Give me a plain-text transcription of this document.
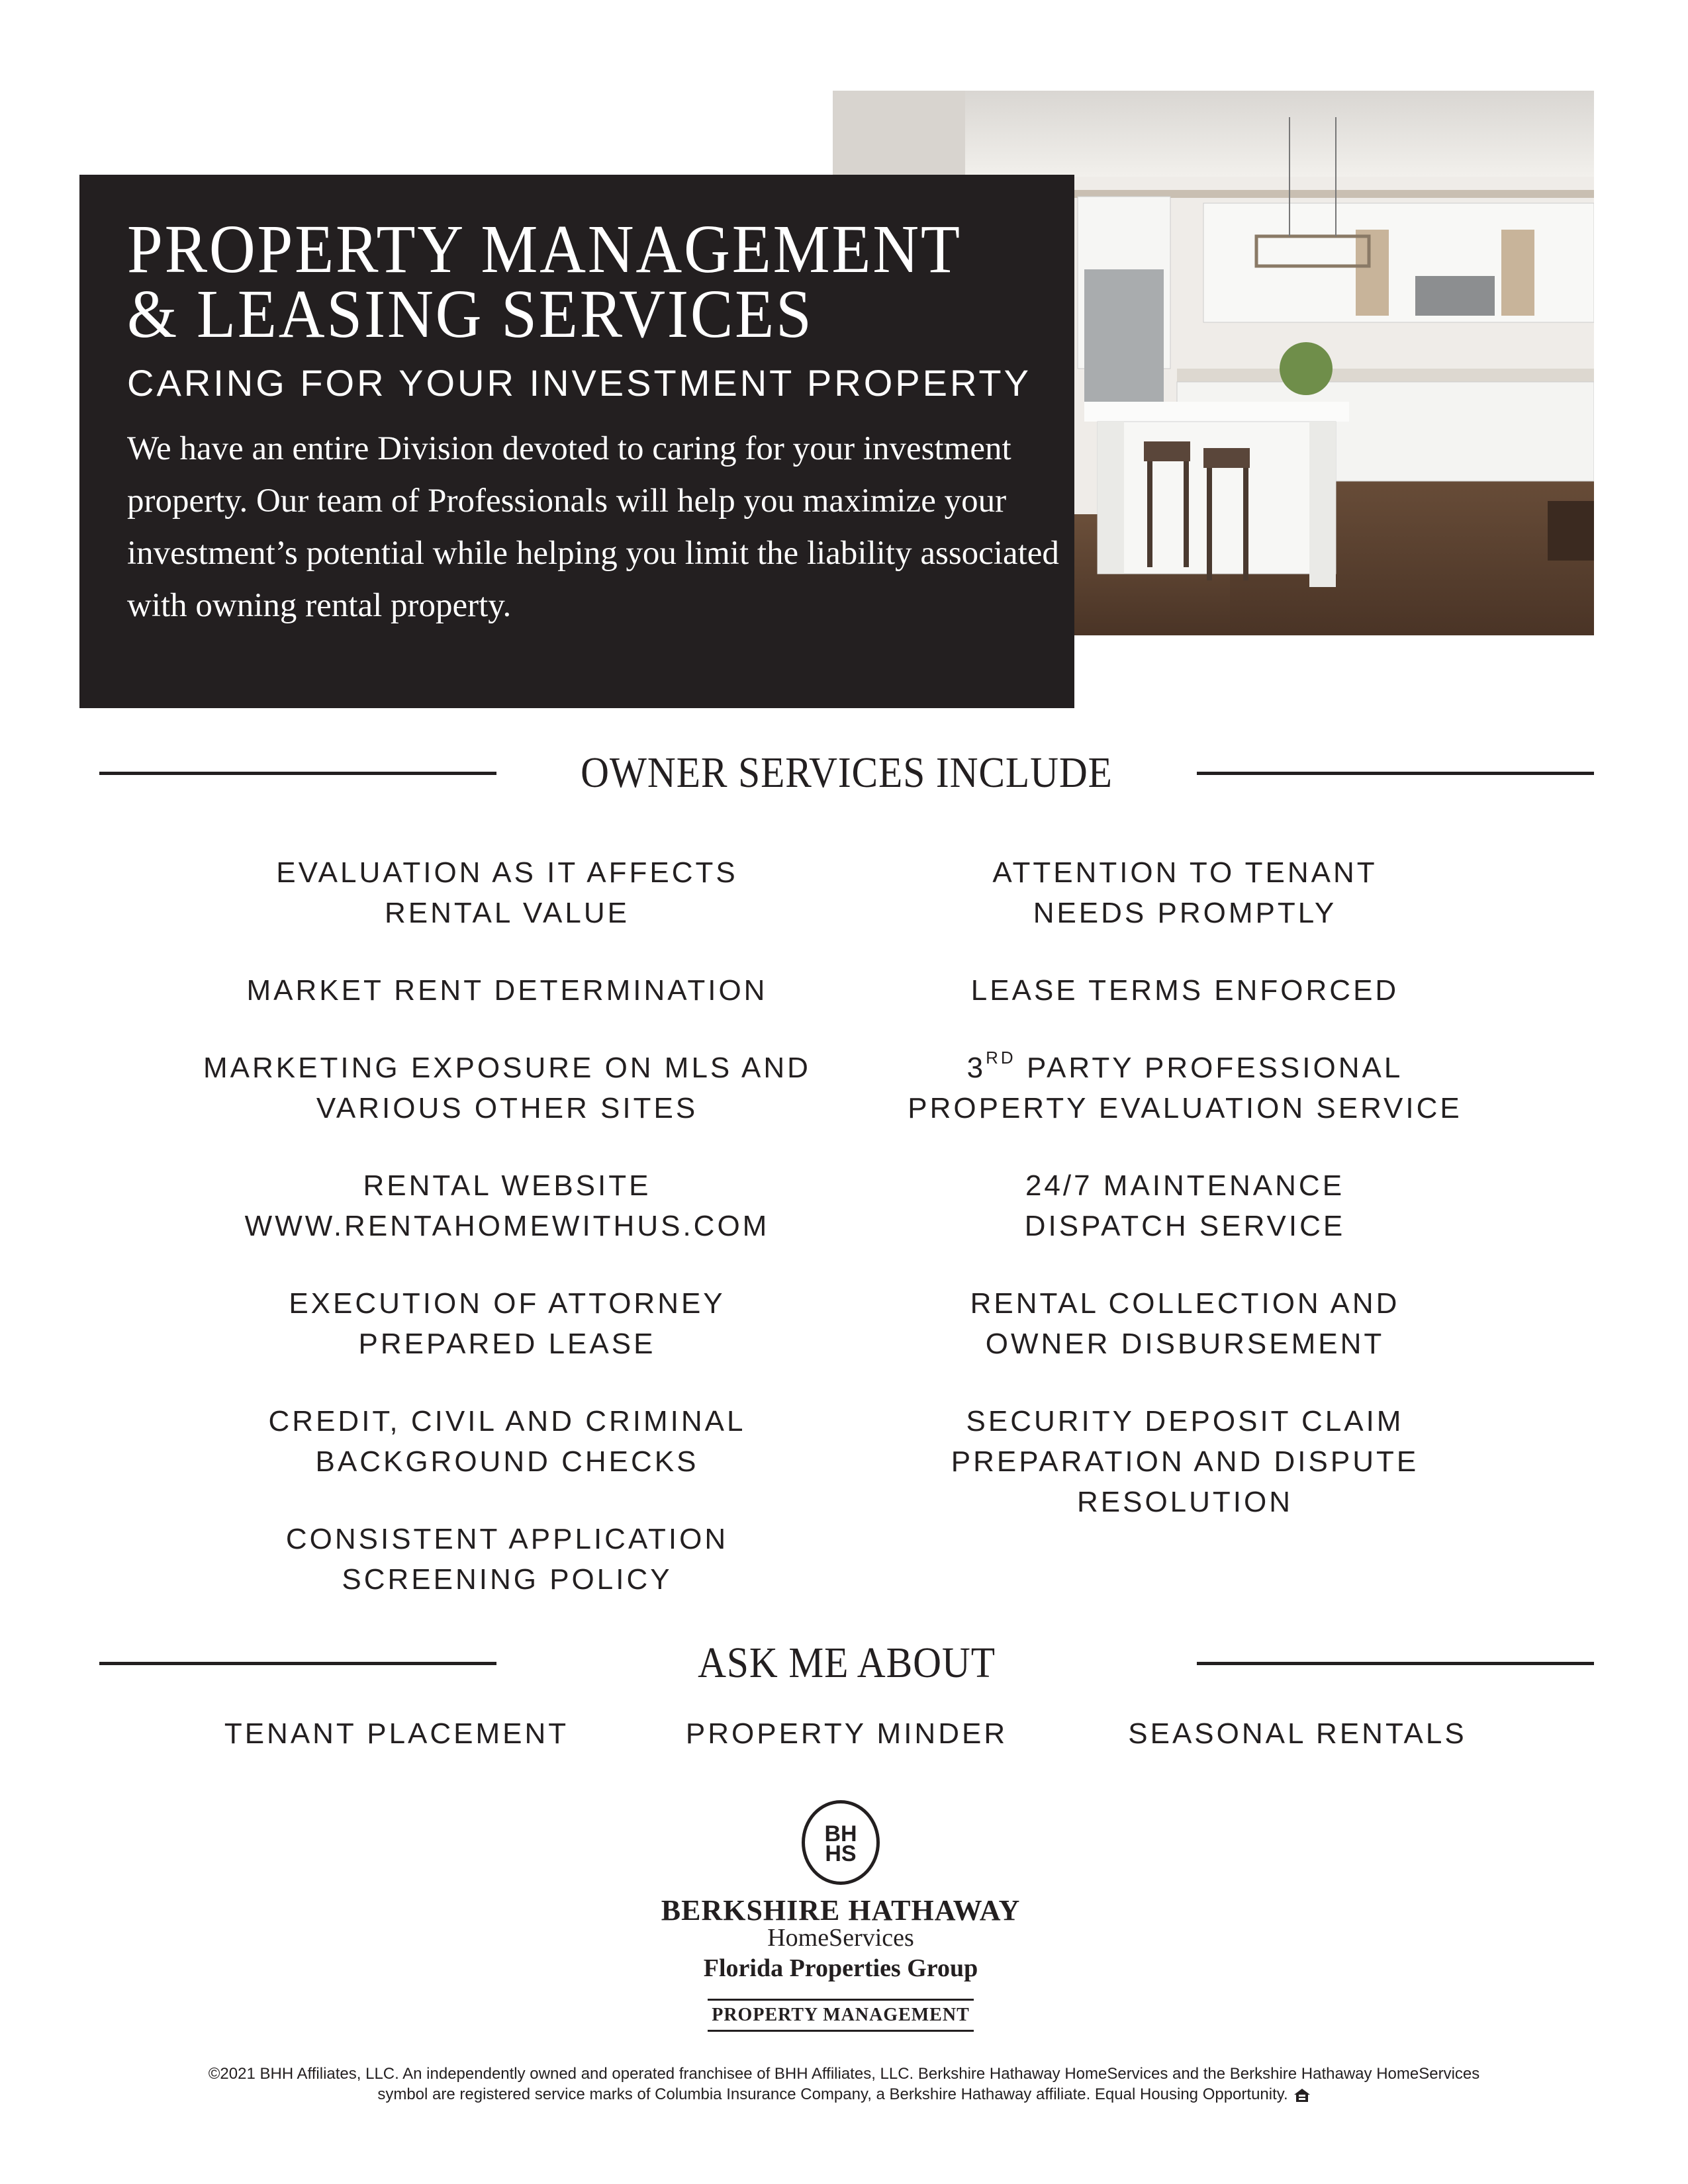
PROPERTY MANAGEMENT
& LEASING SERVICES
CARING FOR YOUR INVESTMENT PROPERTY
We have an entire Division devoted to caring for your investment property. Our team of Professionals will help you maximize your investment’s potential while helping you limit the liability associated with owning rental property.
OWNER SERVICES INCLUDE
EVALUATION AS IT AFFECTS
RENTAL VALUE
MARKET RENT DETERMINATION
MARKETING EXPOSURE ON MLS AND
VARIOUS OTHER SITES
RENTAL WEBSITE
WWW.RENTAHOMEWITHUS.COM
EXECUTION OF ATTORNEY
PREPARED LEASE
CREDIT, CIVIL AND CRIMINAL
BACKGROUND CHECKS
CONSISTENT APPLICATION
SCREENING POLICY
ATTENTION TO TENANT
NEEDS PROMPTLY
LEASE TERMS ENFORCED
3RD PARTY PROFESSIONAL
PROPERTY EVALUATION SERVICE
24/7 MAINTENANCE
DISPATCH SERVICE
RENTAL COLLECTION AND
OWNER DISBURSEMENT
SECURITY DEPOSIT CLAIM
PREPARATION AND DISPUTE
RESOLUTION
ASK ME ABOUT
TENANT PLACEMENT	PROPERTY MINDER	SEASONAL RENTALS
BH
HS
BERKSHIRE HATHAWAY
HomeServices
Florida Properties Group
PROPERTY MANAGEMENT
©2021 BHH Affiliates, LLC. An independently owned and operated franchisee of BHH Affiliates, LLC. Berkshire Hathaway HomeServices and the Berkshire Hathaway HomeServices
symbol are registered service marks of Columbia Insurance Company, a Berkshire Hathaway affiliate. Equal Housing Opportunity.
